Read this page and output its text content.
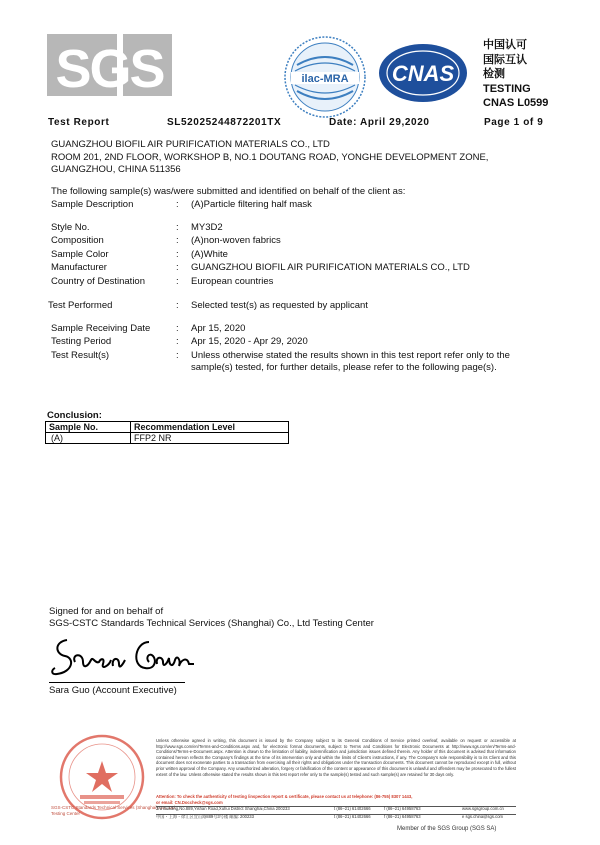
SGS	ilac-MRA CNAS
中国认可
国际互认
检测
TESTING
CNAS L0599
Test Report	SL52025244872201TX	Date: April 29,2020	Page 1 of 9
GUANGZHOU BIOFIL AIR PURIFICATION MATERIALS CO., LTD
ROOM 201, 2ND FLOOR, WORKSHOP B, NO.1 DOUTANG ROAD, YONGHE DEVELOPMENT ZONE,
GUANGZHOU, CHINA 511356
The following sample(s) was/were submitted and identified on behalf of the client as:
Sample Description	: (A)Particle filtering half mask
Style No.	: MY3D2
Composition	: (A)non-woven fabrics
Sample Color	: (A)White
Manufacturer	: GUANGZHOU BIOFIL AIR PURIFICATION MATERIALS CO., LTD
Country of Destination	: European countries
Test Performed	: Selected test(s) as requested by applicant
Sample Receiving Date	: Apr 15, 2020
Testing Period	: Apr 15, 2020 - Apr 29, 2020
Test Result(s)	: Unless otherwise stated the results shown in this test report refer only to the
sample(s) tested, for further details, please refer to the following page(s).
Conclusion:
Sample No.	Recommendation Level
(A)	FFP2 NR
Signed for and on behalf of
SGS-CSTC Standards Technical Services (Shanghai) Co., Ltd Testing Center
Sara Guo (Account Executive)
SGS-CSTC Standards Technical Services (Shanghai) Co., Ltd.
Testing Center
Unless otherwise agreed in writing, this document is issued by the Company subject to its General Conditions of Service printed overleaf, available on request or accessible at http://www.sgs.com/en/Terms-and-Conditions.aspx and, for electronic format documents, subject to Terms and Conditions for Electronic Documents at http://www.sgs.com/en/Terms-and-Conditions/Terms-e-Document.aspx. Attention is drawn to the limitation of liability, indemnification and jurisdiction issues defined therein. Any holder of this document is advised that information contained hereon reflects the Company's findings at the time of its intervention only and within the limits of Client's instructions, if any. The Company's sole responsibility is to its Client and this document does not exonerate parties to a transaction from exercising all their rights and obligations under the transaction documents. This document cannot be reproduced except in full, without prior written approval of the Company. Any unauthorized alteration, forgery or falsification of the content or appearance of this document is unlawful and offenders may be prosecuted to the fullest extent of the law. Unless otherwise stated the results shown in this test report refer only to the sample(s) tested and such sample(s) are retained for 30 days only.
Attention: To check the authenticity of testing /inspection report & certificate, please contact us at telephone: (86-755) 8307 1443,
or email: CN.Doccheck@sgs.com
3rd Building,No.889,Yishan Road,Xuhui District Shanghai,China 200233	t (86–21) 61402666	f (86–21) 64958763	www.sgsgroup.com.cn
中国・上海・徐汇区宜山路889号3号楼 邮编: 200233	t (86–21) 61402666	f (86–21) 64958763	e sgs.china@sgs.com
Member of the SGS Group (SGS SA)
